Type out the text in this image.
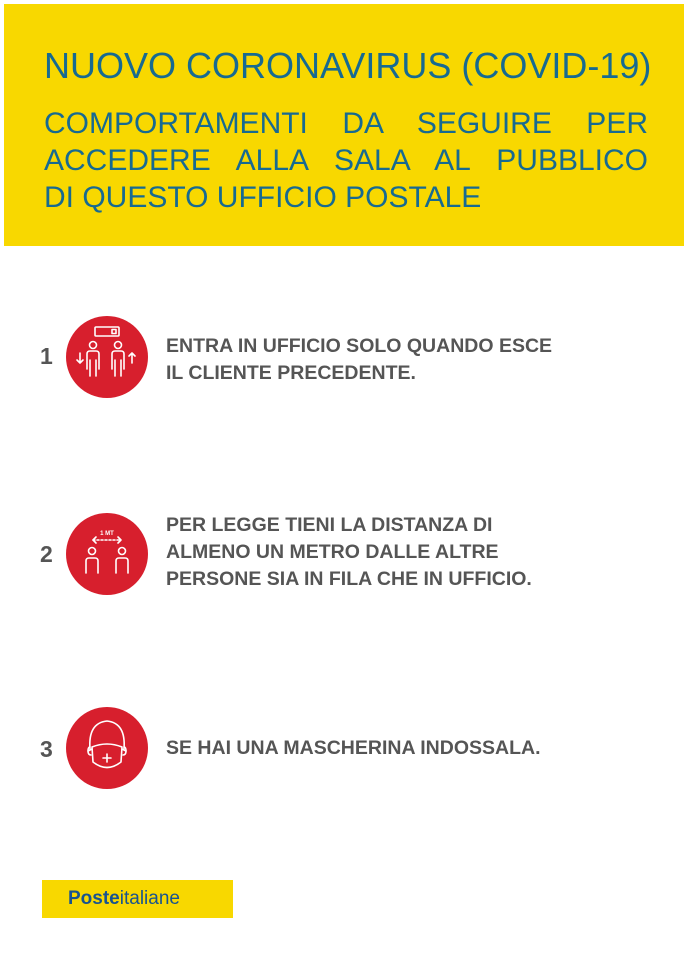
NUOVO CORONAVIRUS (COVID-19)
COMPORTAMENTI DA SEGUIRE PER
ACCEDERE ALLA SALA AL PUBBLICO
DI QUESTO UFFICIO POSTALE
1	ENTRA IN UFFICIO SOLO QUANDO ESCE
IL CLIENTE PRECEDENTE.
2
1 MT	PER LEGGE TIENI LA DISTANZA DI
ALMENO UN METRO DALLE ALTRE
PERSONE SIA IN FILA CHE IN UFFICIO.
3	SE HAI UNA MASCHERINA INDOSSALA.
Posteitaliane
